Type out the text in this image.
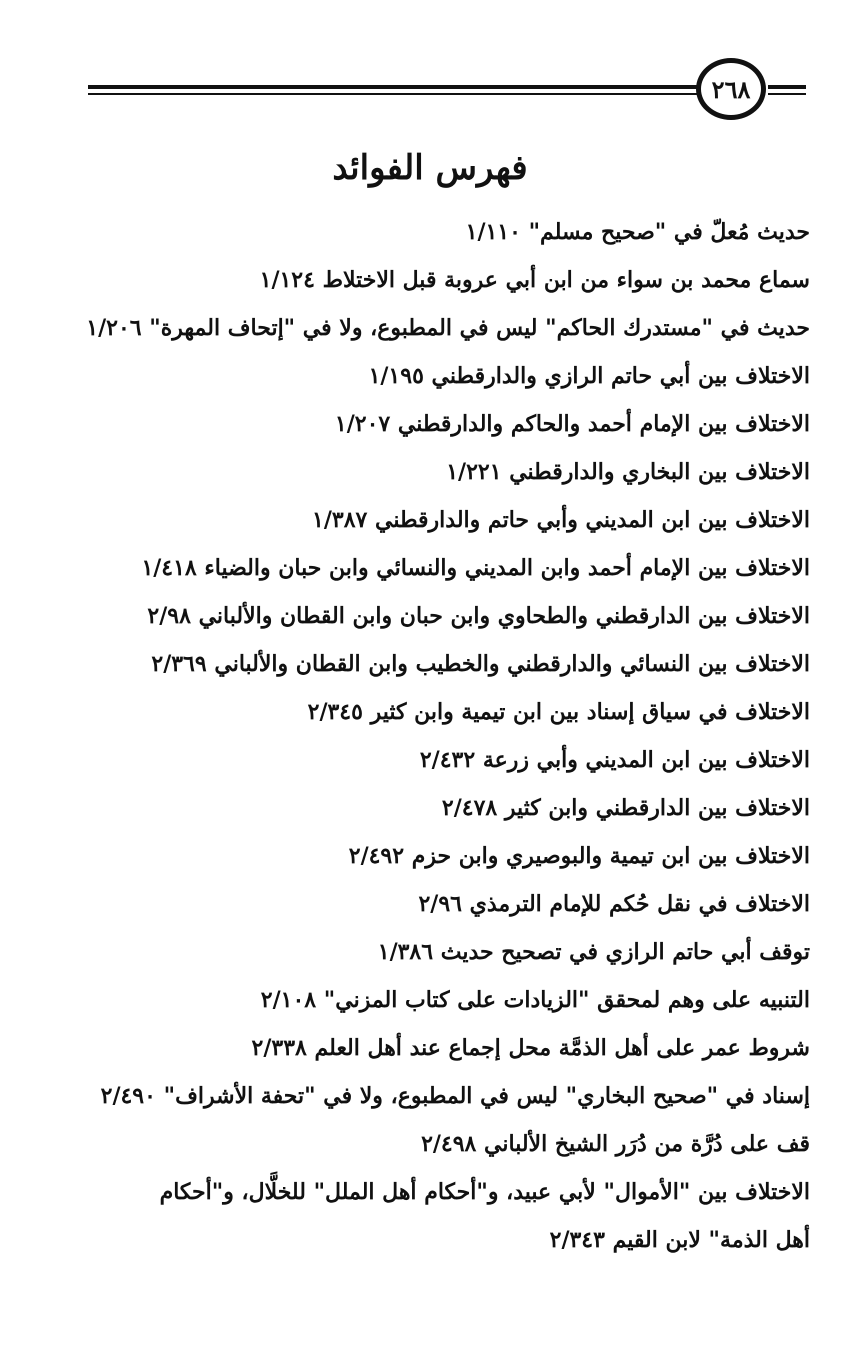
٢٦٨
فهرس الفوائد
حديث مُعلّ في "صحيح مسلم" ١/١١٠
سماع محمد بن سواء من ابن أبي عروبة قبل الاختلاط ١/١٢٤
حديث في "مستدرك الحاكم" ليس في المطبوع، ولا في "إتحاف المهرة" ١/٢٠٦
الاختلاف بين أبي حاتم الرازي والدارقطني ١/١٩٥
الاختلاف بين الإمام أحمد والحاكم والدارقطني ١/٢٠٧
الاختلاف بين البخاري والدارقطني ١/٢٢١
الاختلاف بين ابن المديني وأبي حاتم والدارقطني ١/٣٨٧
الاختلاف بين الإمام أحمد وابن المديني والنسائي وابن حبان والضياء ١/٤١٨
الاختلاف بين الدارقطني والطحاوي وابن حبان وابن القطان والألباني ٢/٩٨
الاختلاف بين النسائي والدارقطني والخطيب وابن القطان والألباني ٢/٣٦٩
الاختلاف في سياق إسناد بين ابن تيمية وابن كثير ٢/٣٤٥
الاختلاف بين ابن المديني وأبي زرعة ٢/٤٣٢
الاختلاف بين الدارقطني وابن كثير ٢/٤٧٨
الاختلاف بين ابن تيمية والبوصيري وابن حزم ٢/٤٩٢
الاختلاف في نقل حُكم للإمام الترمذي ٢/٩٦
توقف أبي حاتم الرازي في تصحيح حديث ١/٣٨٦
التنبيه على وهم لمحقق "الزيادات على كتاب المزني" ٢/١٠٨
شروط عمر على أهل الذمَّة محل إجماع عند أهل العلم ٢/٣٣٨
إسناد في "صحيح البخاري" ليس في المطبوع، ولا في "تحفة الأشراف" ٢/٤٩٠
قف على دُرَّة من دُرَر الشيخ الألباني ٢/٤٩٨
الاختلاف بين "الأموال" لأبي عبيد، و"أحكام أهل الملل" للخلَّال، و"أحكام أهل الذمة" لابن القيم ٢/٣٤٣
